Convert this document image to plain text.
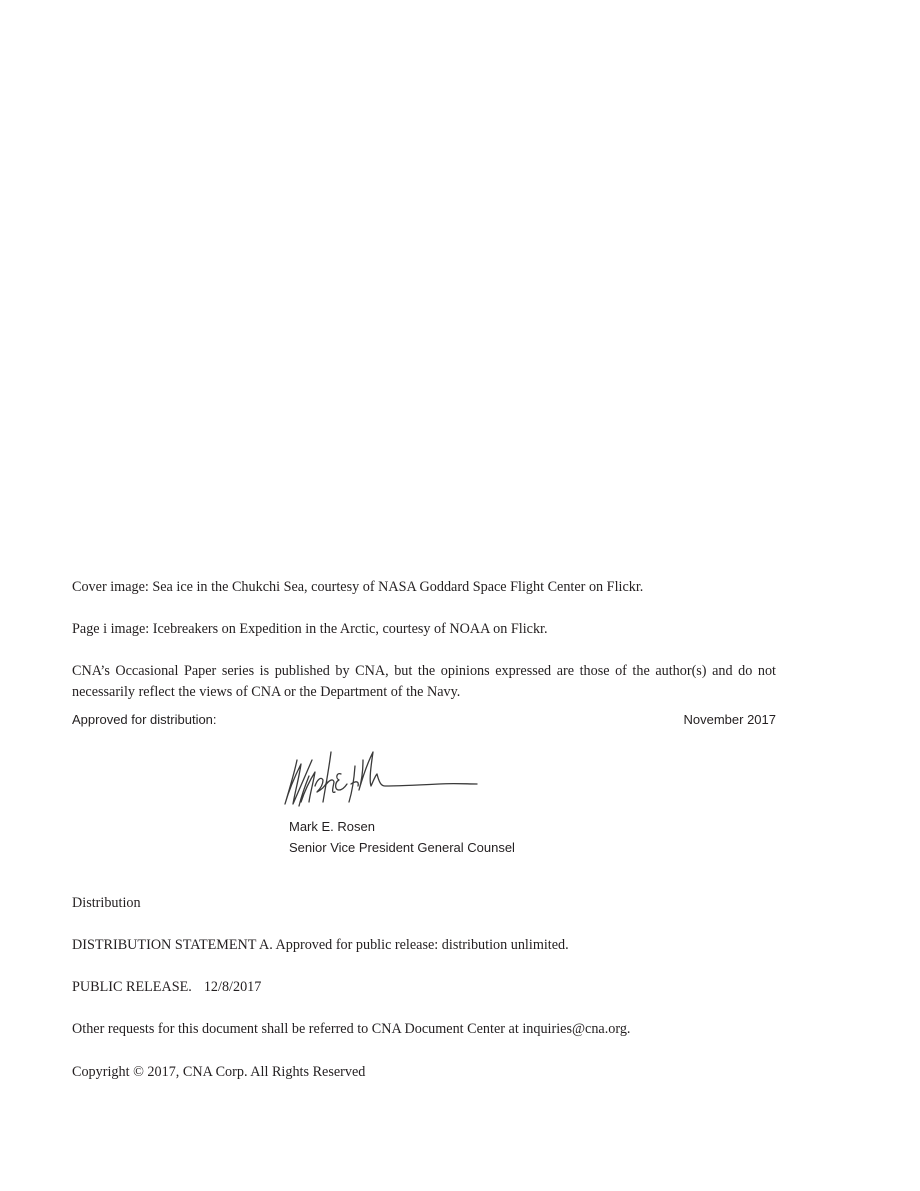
Cover image: Sea ice in the Chukchi Sea, courtesy of NASA Goddard Space Flight Center on Flickr.

Page i image: Icebreakers on Expedition in the Arctic, courtesy of NOAA on Flickr.

CNA’s Occasional Paper series is published by CNA, but the opinions expressed are those of the author(s) and do not necessarily reflect the views of CNA or the Department of the Navy.

Approved for distribution:	November 2017
Mark E. Rosen
Senior Vice President General Counsel

Distribution

DISTRIBUTION STATEMENT A. Approved for public release: distribution unlimited.

PUBLIC RELEASE. 12/8/2017

Other requests for this document shall be referred to CNA Document Center at inquiries@cna.org.

Copyright © 2017, CNA Corp. All Rights Reserved
